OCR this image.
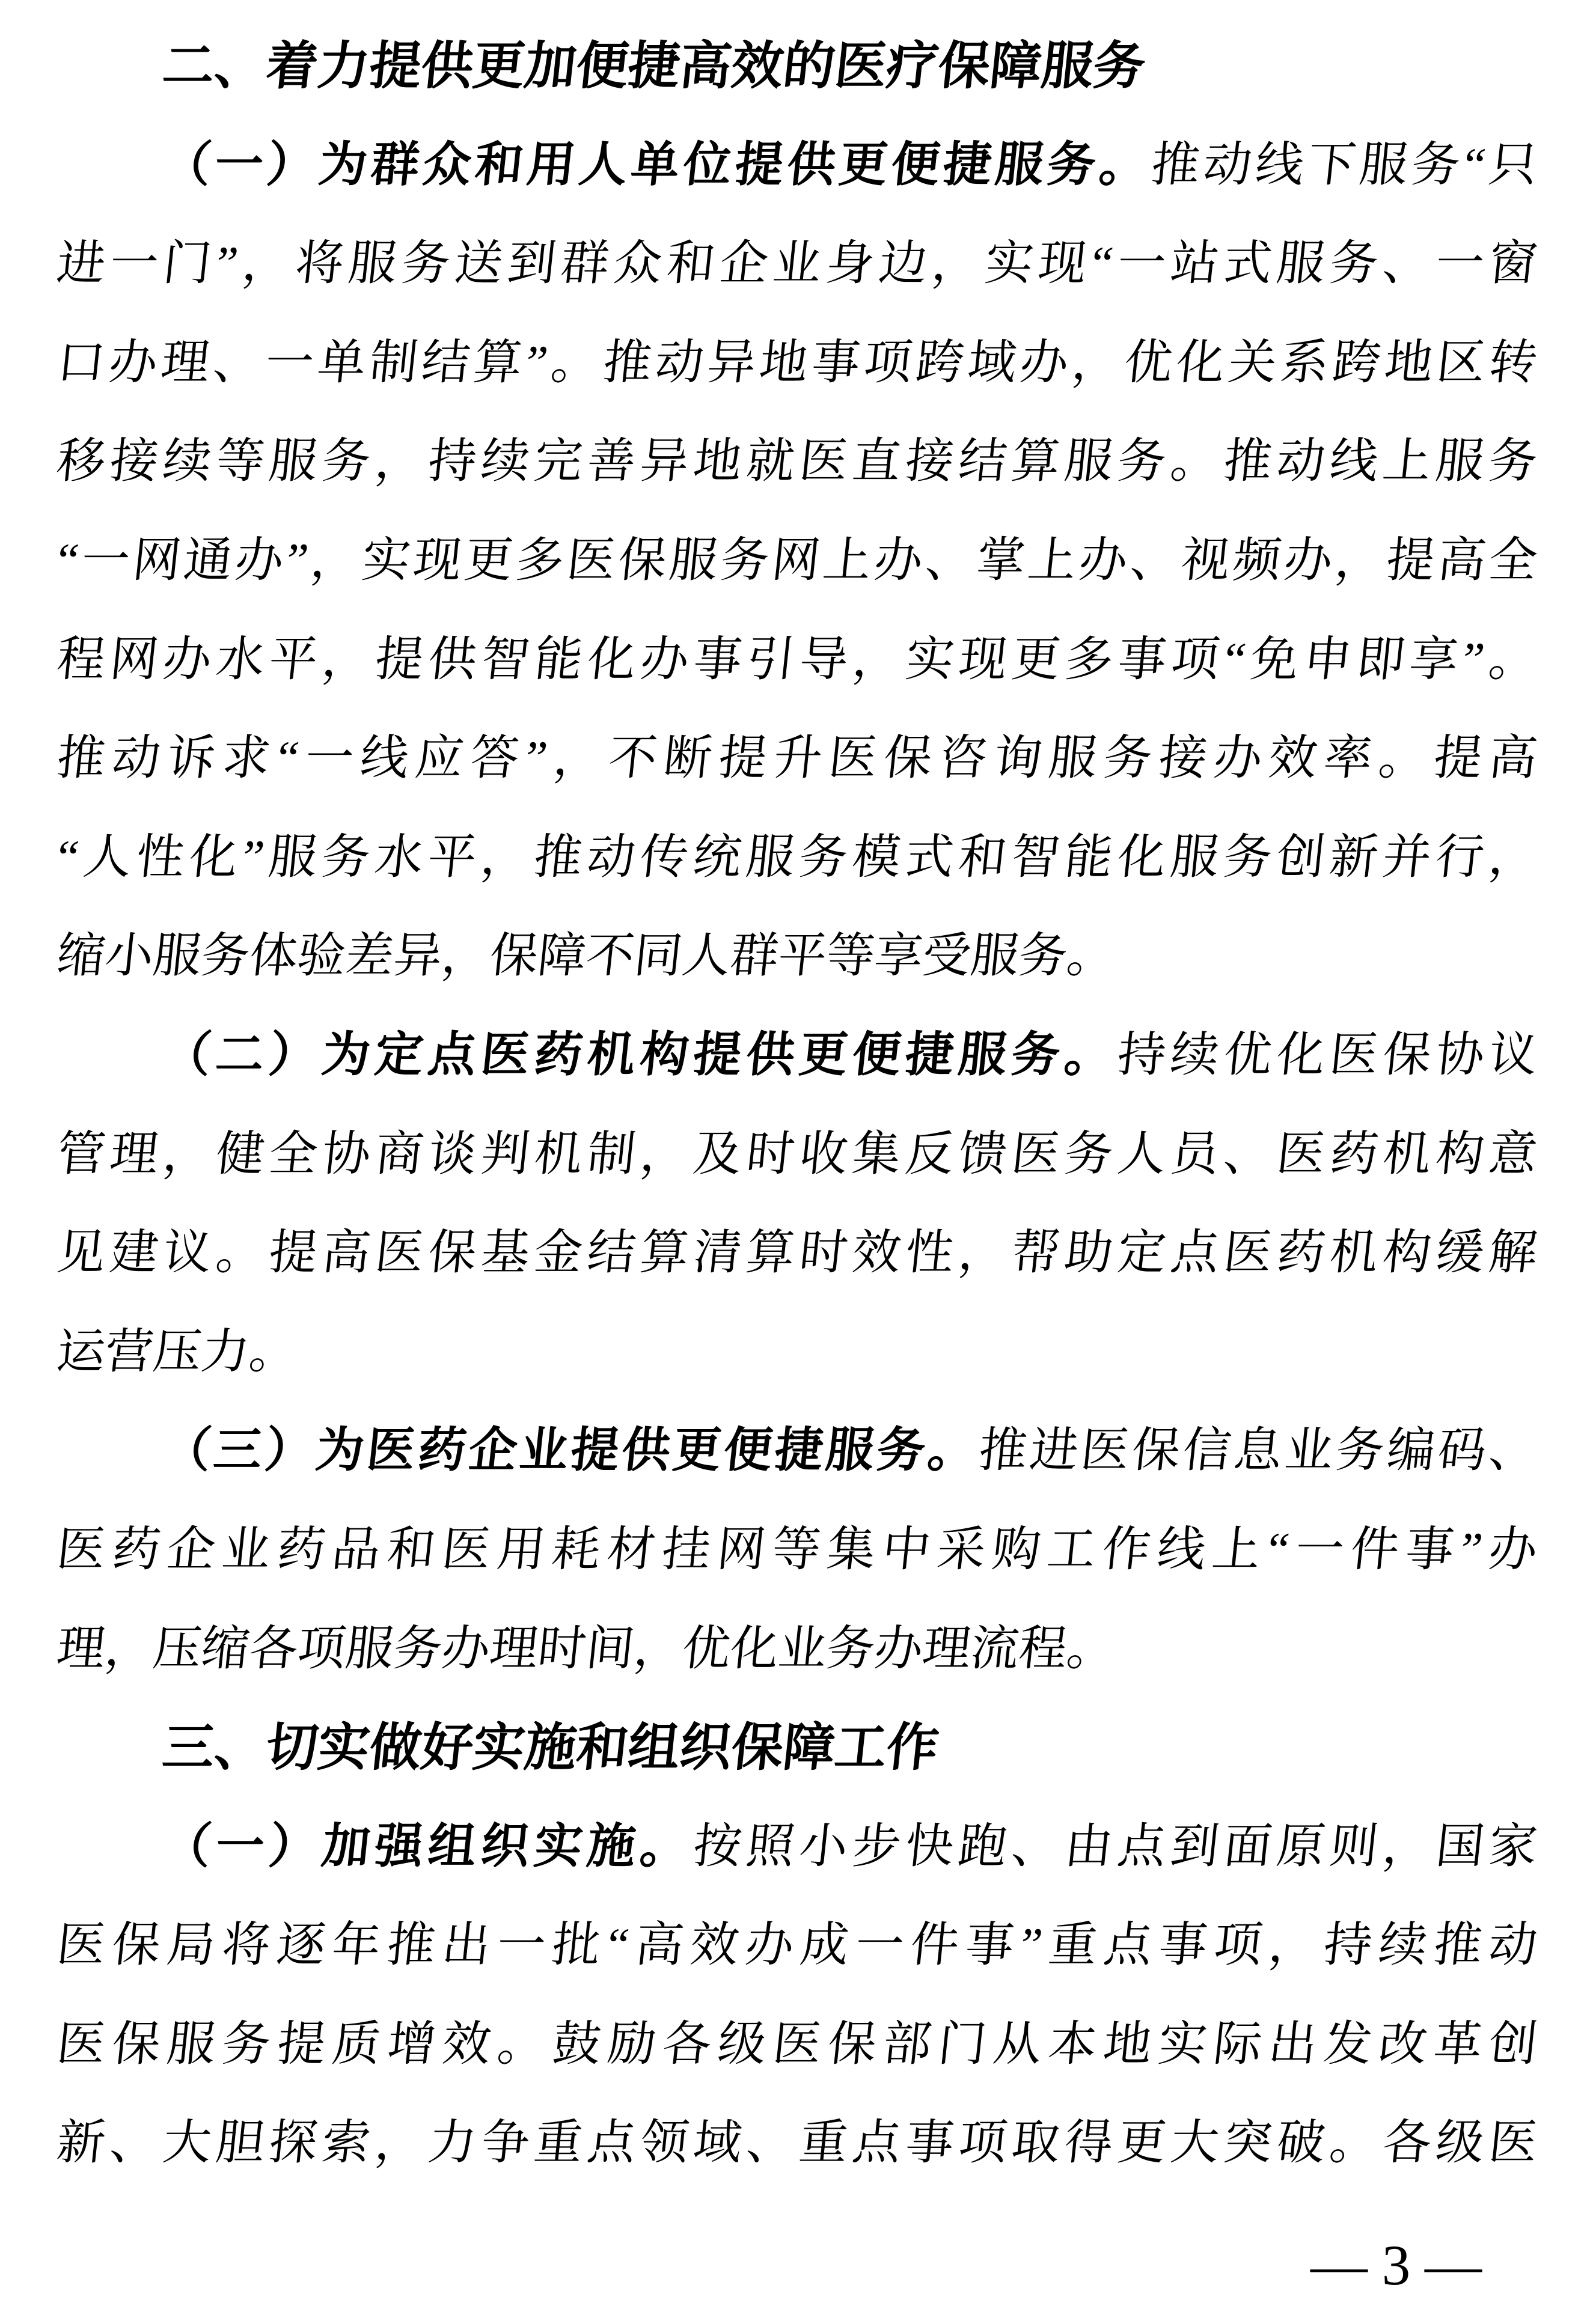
二、着力提供更加便捷高效的医疗保障服务
（一）为群众和用人单位提供更便捷服务。推动线下服务“只
进一门”，将服务送到群众和企业身边，实现“一站式服务、一窗
口办理、一单制结算”。推动异地事项跨域办，优化关系跨地区转
移接续等服务，持续完善异地就医直接结算服务。推动线上服务
“一网通办”，实现更多医保服务网上办、掌上办、视频办，提高全
程网办水平，提供智能化办事引导，实现更多事项“免申即享”。
推动诉求“一线应答”，不断提升医保咨询服务接办效率。提高
“人性化”服务水平，推动传统服务模式和智能化服务创新并行，
缩小服务体验差异，保障不同人群平等享受服务。
（二）为定点医药机构提供更便捷服务。持续优化医保协议
管理，健全协商谈判机制，及时收集反馈医务人员、医药机构意
见建议。提高医保基金结算清算时效性，帮助定点医药机构缓解
运营压力。
（三）为医药企业提供更便捷服务。推进医保信息业务编码、
医药企业药品和医用耗材挂网等集中采购工作线上“一件事”办
理，压缩各项服务办理时间，优化业务办理流程。
三、切实做好实施和组织保障工作
（一）加强组织实施。按照小步快跑、由点到面原则，国家
医保局将逐年推出一批“高效办成一件事”重点事项，持续推动
医保服务提质增效。鼓励各级医保部门从本地实际出发改革创
新、大胆探索，力争重点领域、重点事项取得更大突破。各级医
— 3 —
